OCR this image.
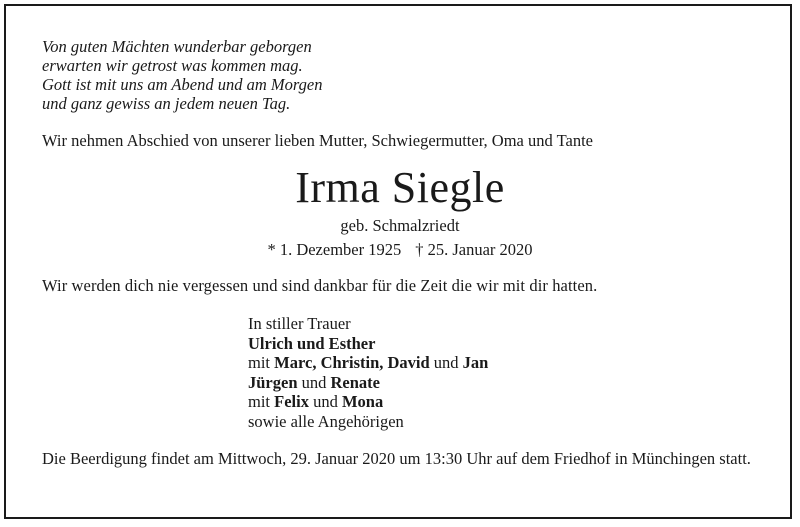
Von guten Mächten wunderbar geborgen
erwarten wir getrost was kommen mag.
Gott ist mit uns am Abend und am Morgen
und ganz gewiss an jedem neuen Tag.
Wir nehmen Abschied von unserer lieben Mutter, Schwiegermutter, Oma und Tante
Irma Siegle
geb. Schmalzriedt
* 1. Dezember 1925 † 25. Januar 2020
Wir werden dich nie vergessen und sind dankbar für die Zeit die wir mit dir hatten.
In stiller Trauer
Ulrich und Esther
mit Marc, Christin, David und Jan
Jürgen und Renate
mit Felix und Mona
sowie alle Angehörigen
Die Beerdigung findet am Mittwoch, 29. Januar 2020 um 13:30 Uhr auf dem Friedhof in Münchingen statt.
